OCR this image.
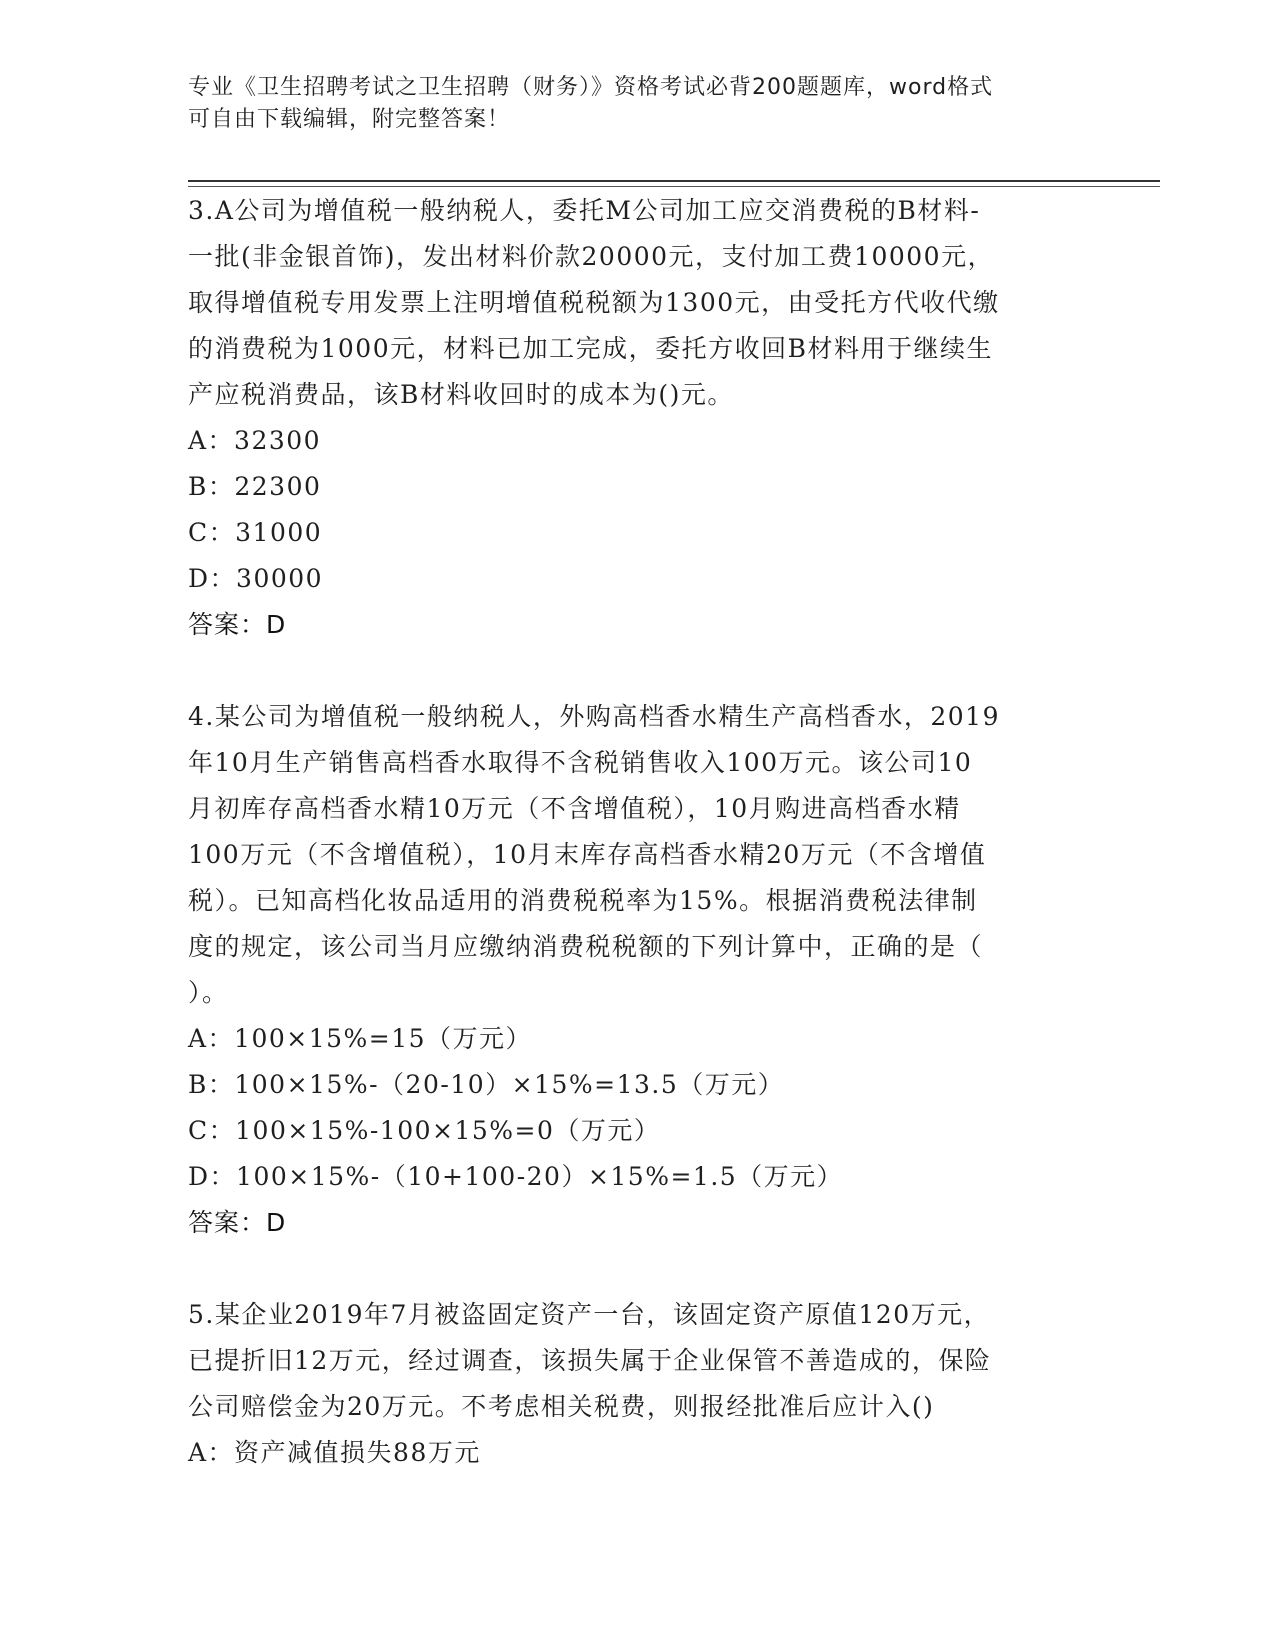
专业《卫生招聘考试之卫生招聘（财务）》资格考试必背200题题库，word格式
可自由下载编辑，附完整答案！
3.A公司为增值税一般纳税人，委托M公司加工应交消费税的B材料-
一批(非金银首饰)，发出材料价款20000元，支付加工费10000元，
取得增值税专用发票上注明增值税税额为1300元，由受托方代收代缴
的消费税为1000元，材料已加工完成，委托方收回B材料用于继续生
产应税消费品，该B材料收回时的成本为()元。
A：32300
B：22300
C：31000
D：30000
答案：D
4.某公司为增值税一般纳税人，外购高档香水精生产高档香水，2019
年10月生产销售高档香水取得不含税销售收入100万元。该公司10
月初库存高档香水精10万元（不含增值税），10月购进高档香水精
100万元（不含增值税），10月末库存高档香水精20万元（不含增值
税）。已知高档化妆品适用的消费税税率为15%。根据消费税法律制
度的规定，该公司当月应缴纳消费税税额的下列计算中，正确的是（
）。
A：100×15%=15（万元）
B：100×15%-（20-10）×15%=13.5（万元）
C：100×15%-100×15%=0（万元）
D：100×15%-（10+100-20）×15%=1.5（万元）
答案：D
5.某企业2019年7月被盗固定资产一台，该固定资产原值120万元，
已提折旧12万元，经过调查，该损失属于企业保管不善造成的，保险
公司赔偿金为20万元。不考虑相关税费，则报经批准后应计入()
A：资产减值损失88万元
